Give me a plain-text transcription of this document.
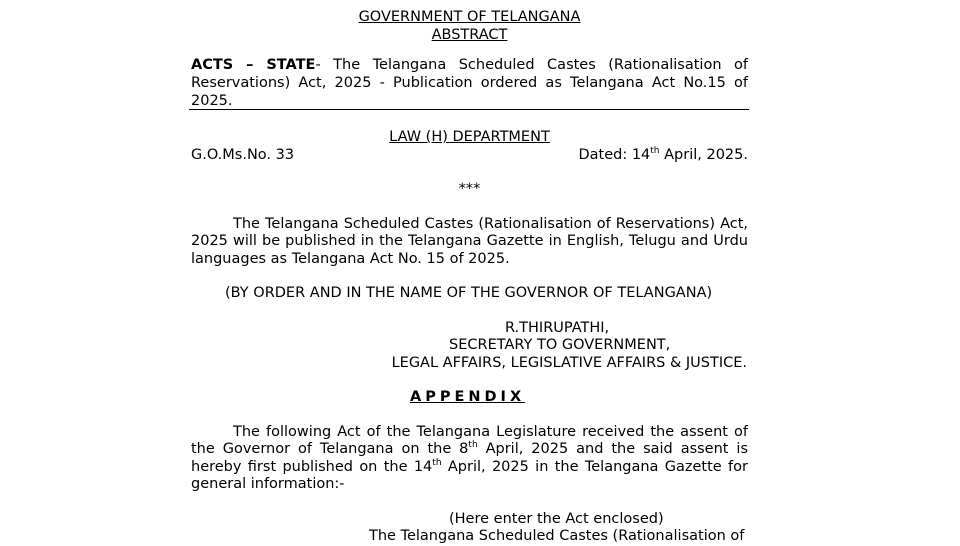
GOVERNMENT OF TELANGANA
ABSTRACT
ACTS – STATE- The Telangana Scheduled Castes (Rationalisation of
Reservations) Act, 2025 - Publication ordered as Telangana Act No.15 of
2025.
LAW (H) DEPARTMENT
G.O.Ms.No. 33	Dated: 14th April, 2025.
***
The Telangana Scheduled Castes (Rationalisation of Reservations) Act,
2025 will be published in the Telangana Gazette in English, Telugu and Urdu
languages as Telangana Act No. 15 of 2025.
(BY ORDER AND IN THE NAME OF THE GOVERNOR OF TELANGANA)
R.THIRUPATHI,
SECRETARY TO GOVERNMENT,
LEGAL AFFAIRS, LEGISLATIVE AFFAIRS & JUSTICE.
APPENDIX
The following Act of the Telangana Legislature received the assent of
the Governor of Telangana on the 8th April, 2025 and the said assent is
hereby first published on the 14th April, 2025 in the Telangana Gazette for
general information:-
(Here enter the Act enclosed)
The Telangana Scheduled Castes (Rationalisation of
